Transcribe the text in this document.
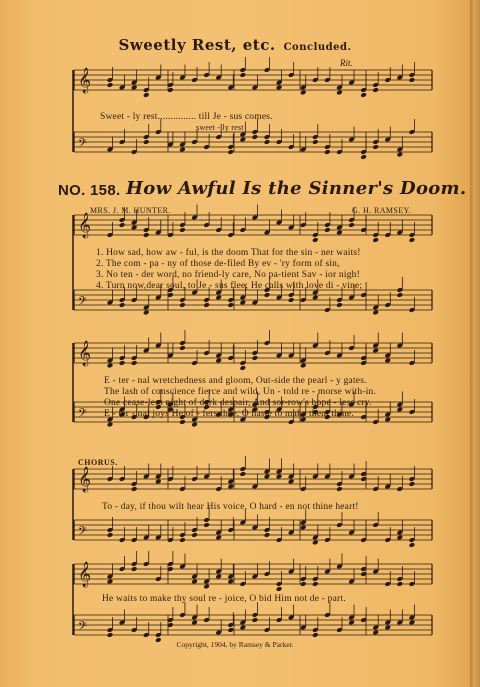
𝄞
𝄢
𝄞
𝄢
𝄞
𝄢
𝄞
𝄢
𝄞
𝄢
Sweetly Rest, etc. Concluded.
Rit.
Sweet - ly rest............... till Je - sus comes.
sweet - ly rest
NO. 158. How Awful Is the Sinner's Doom.
MRS. J. M. HUNTER.	G. H. RAMSEY.
1. How sad, how aw - ful, is the doom That for the sin - ner waits!
2. The com - pa - ny of those de-filed By ev - 'ry form of sin,
3. No ten - der word, no friend-ly care, No pa-tient Sav - ior nigh!
4. Turn now,dear soul, to Je - sus flee; He calls with love di - vine;
E - ter - nal wretchedness and gloom, Out-side the pearl - y gates.
The lash of conscience fierce and wild, Un - told re - morse with-in.
One cease-less night of dark despair, And sor-row's hope - less cry.
E - ter - nal joys He of - fers thee, O haste to make them thine.
CHORUS.
To - day, if thou wilt hear His voice, O hard - en not thine heart!
He waits to make thy soul re - joice, O bid Him not de - part.
Copyright, 1904, by Ramsey & Parker.
